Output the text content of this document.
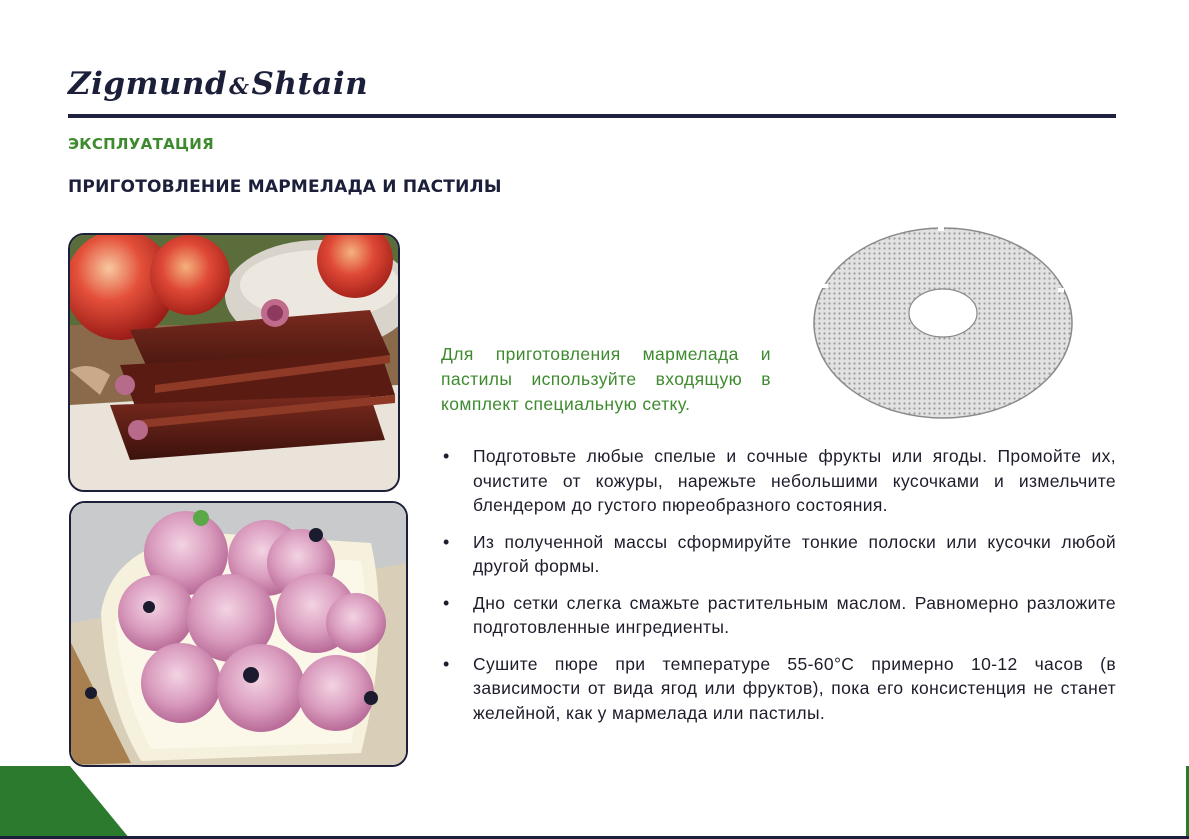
Zigmund&Shtain
ЭКСПЛУАТАЦИЯ
ПРИГОТОВЛЕНИЕ МАРМЕЛАДА И ПАСТИЛЫ
Для приготовления мармелада и пастилы используйте входящую в комплект специальную сетку.
• Подготовьте любые спелые и сочные фрукты или ягоды. Промойте их, очистите от кожуры, нарежьте небольшими кусочками и измельчите блендером до густого пюреобразного состояния.
• Из полученной массы сформируйте тонкие полоски или кусочки любой другой формы.
• Дно сетки слегка смажьте растительным маслом. Равномерно разложите подготовленные ингредиенты.
• Сушите пюре при температуре 55-60°C примерно 10-12 часов (в зависимости от вида ягод или фруктов), пока его консистенция не станет желейной, как у мармелада или пастилы.
